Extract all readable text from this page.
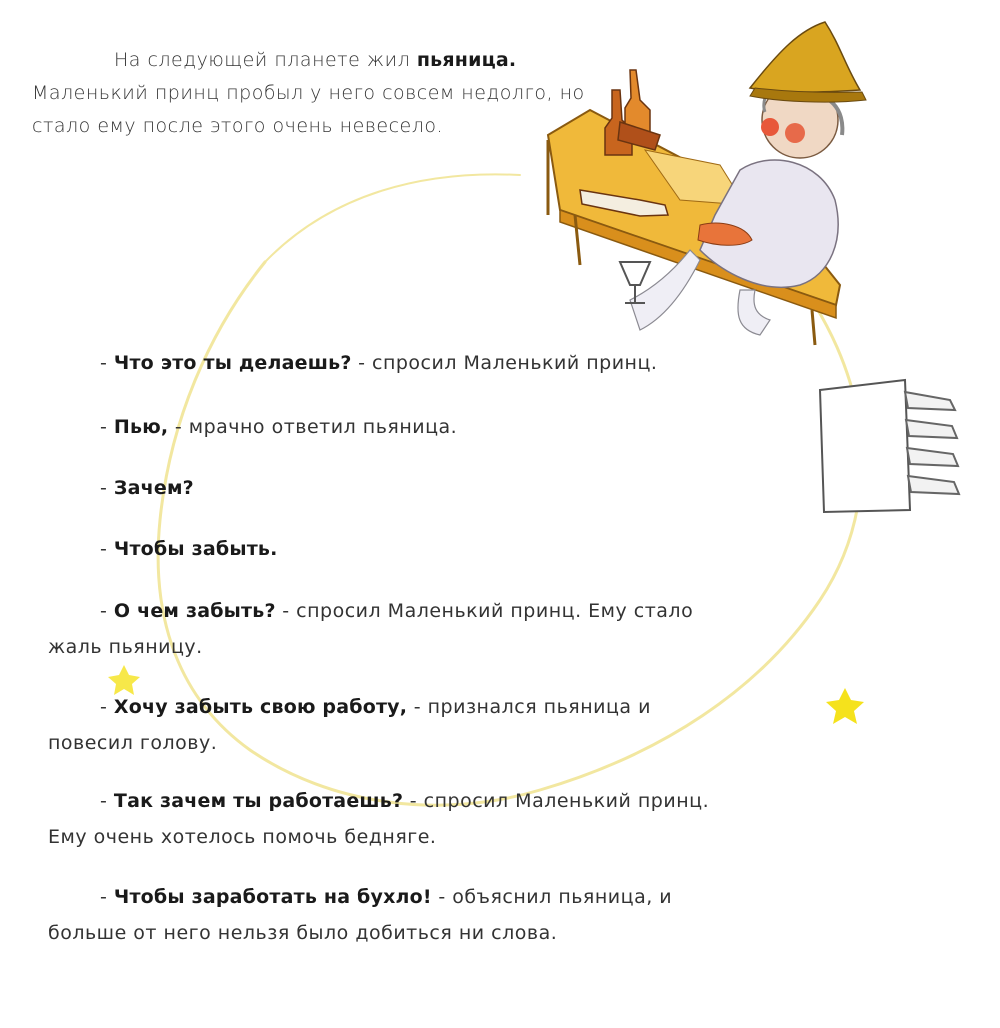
На следующей планете жил пьяница. Маленький принц пробыл у него совсем недолго, но стало ему после этого очень невесело.

- Что это ты делаешь? - спросил Маленький принц.

- Пью, - мрачно ответил пьяница.

- Зачем?

- Чтобы забыть.

- О чем забыть? - спросил Маленький принц. Ему стало

жаль пьяницу.

- Хочу забыть свою работу, - признался пьяница и

повесил голову.

- Так зачем ты работаешь? - спросил Маленький принц.

Ему очень хотелось помочь бедняге.

- Чтобы заработать на бухло! - объяснил пьяница, и

больше от него нельзя было добиться ни слова.
